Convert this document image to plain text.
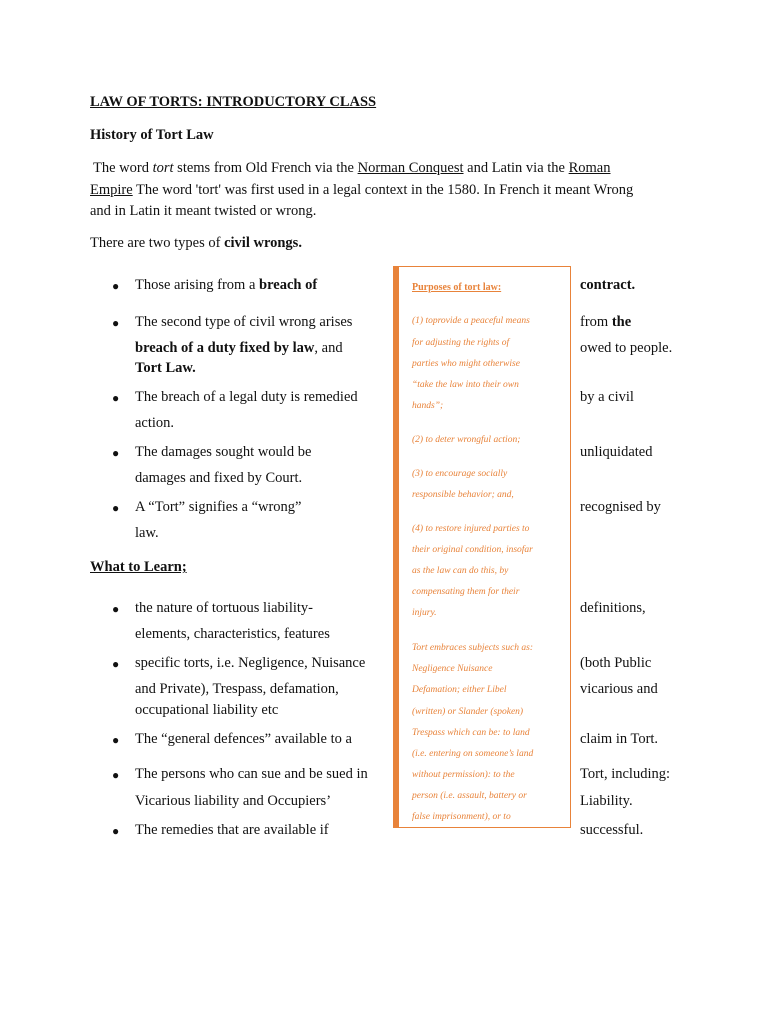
LAW OF TORTS: INTRODUCTORY CLASS
History of Tort Law
The word tort stems from Old French via the Norman Conquest and Latin via the Roman
Empire The word 'tort' was first used in a legal context in the 1580. In French it meant Wrong
and in Latin it meant twisted or wrong.
There are two types of civil wrongs.
● Those arising from a breach of	contract.
● The second type of civil wrong arises	from the
breach of a duty fixed by law, and	owed to people.
Tort Law.
● The breach of a legal duty is remedied	by a civil
action.
● The damages sought would be	unliquidated
damages and fixed by Court.
● A “Tort” signifies a “wrong”	recognised by
law.
What to Learn;
● the nature of tortuous liability-	definitions,
elements, characteristics, features
● specific torts, i.e. Negligence, Nuisance	(both Public
and Private), Trespass, defamation,	vicarious and
occupational liability etc
● The “general defences” available to a	claim in Tort.
● The persons who can sue and be sued in	Tort, including:
Vicarious liability and Occupiers’	Liability.
● The remedies that are available if	successful.
Purposes of tort law:
(1) toprovide a peaceful means
for adjusting the rights of
parties who might otherwise
“take the law into their own
hands”;
(2) to deter wrongful action;
(3) to encourage socially
responsible behavior; and,
(4) to restore injured parties to
their original condition, insofar
as the law can do this, by
compensating them for their
injury.
Tort embraces subjects such as:
Negligence Nuisance
Defamation; either Libel
(written) or Slander (spoken)
Trespass which can be: to land
(i.e. entering on someone’s land
without permission): to the
person (i.e. assault, battery or
false imprisonment), or to
